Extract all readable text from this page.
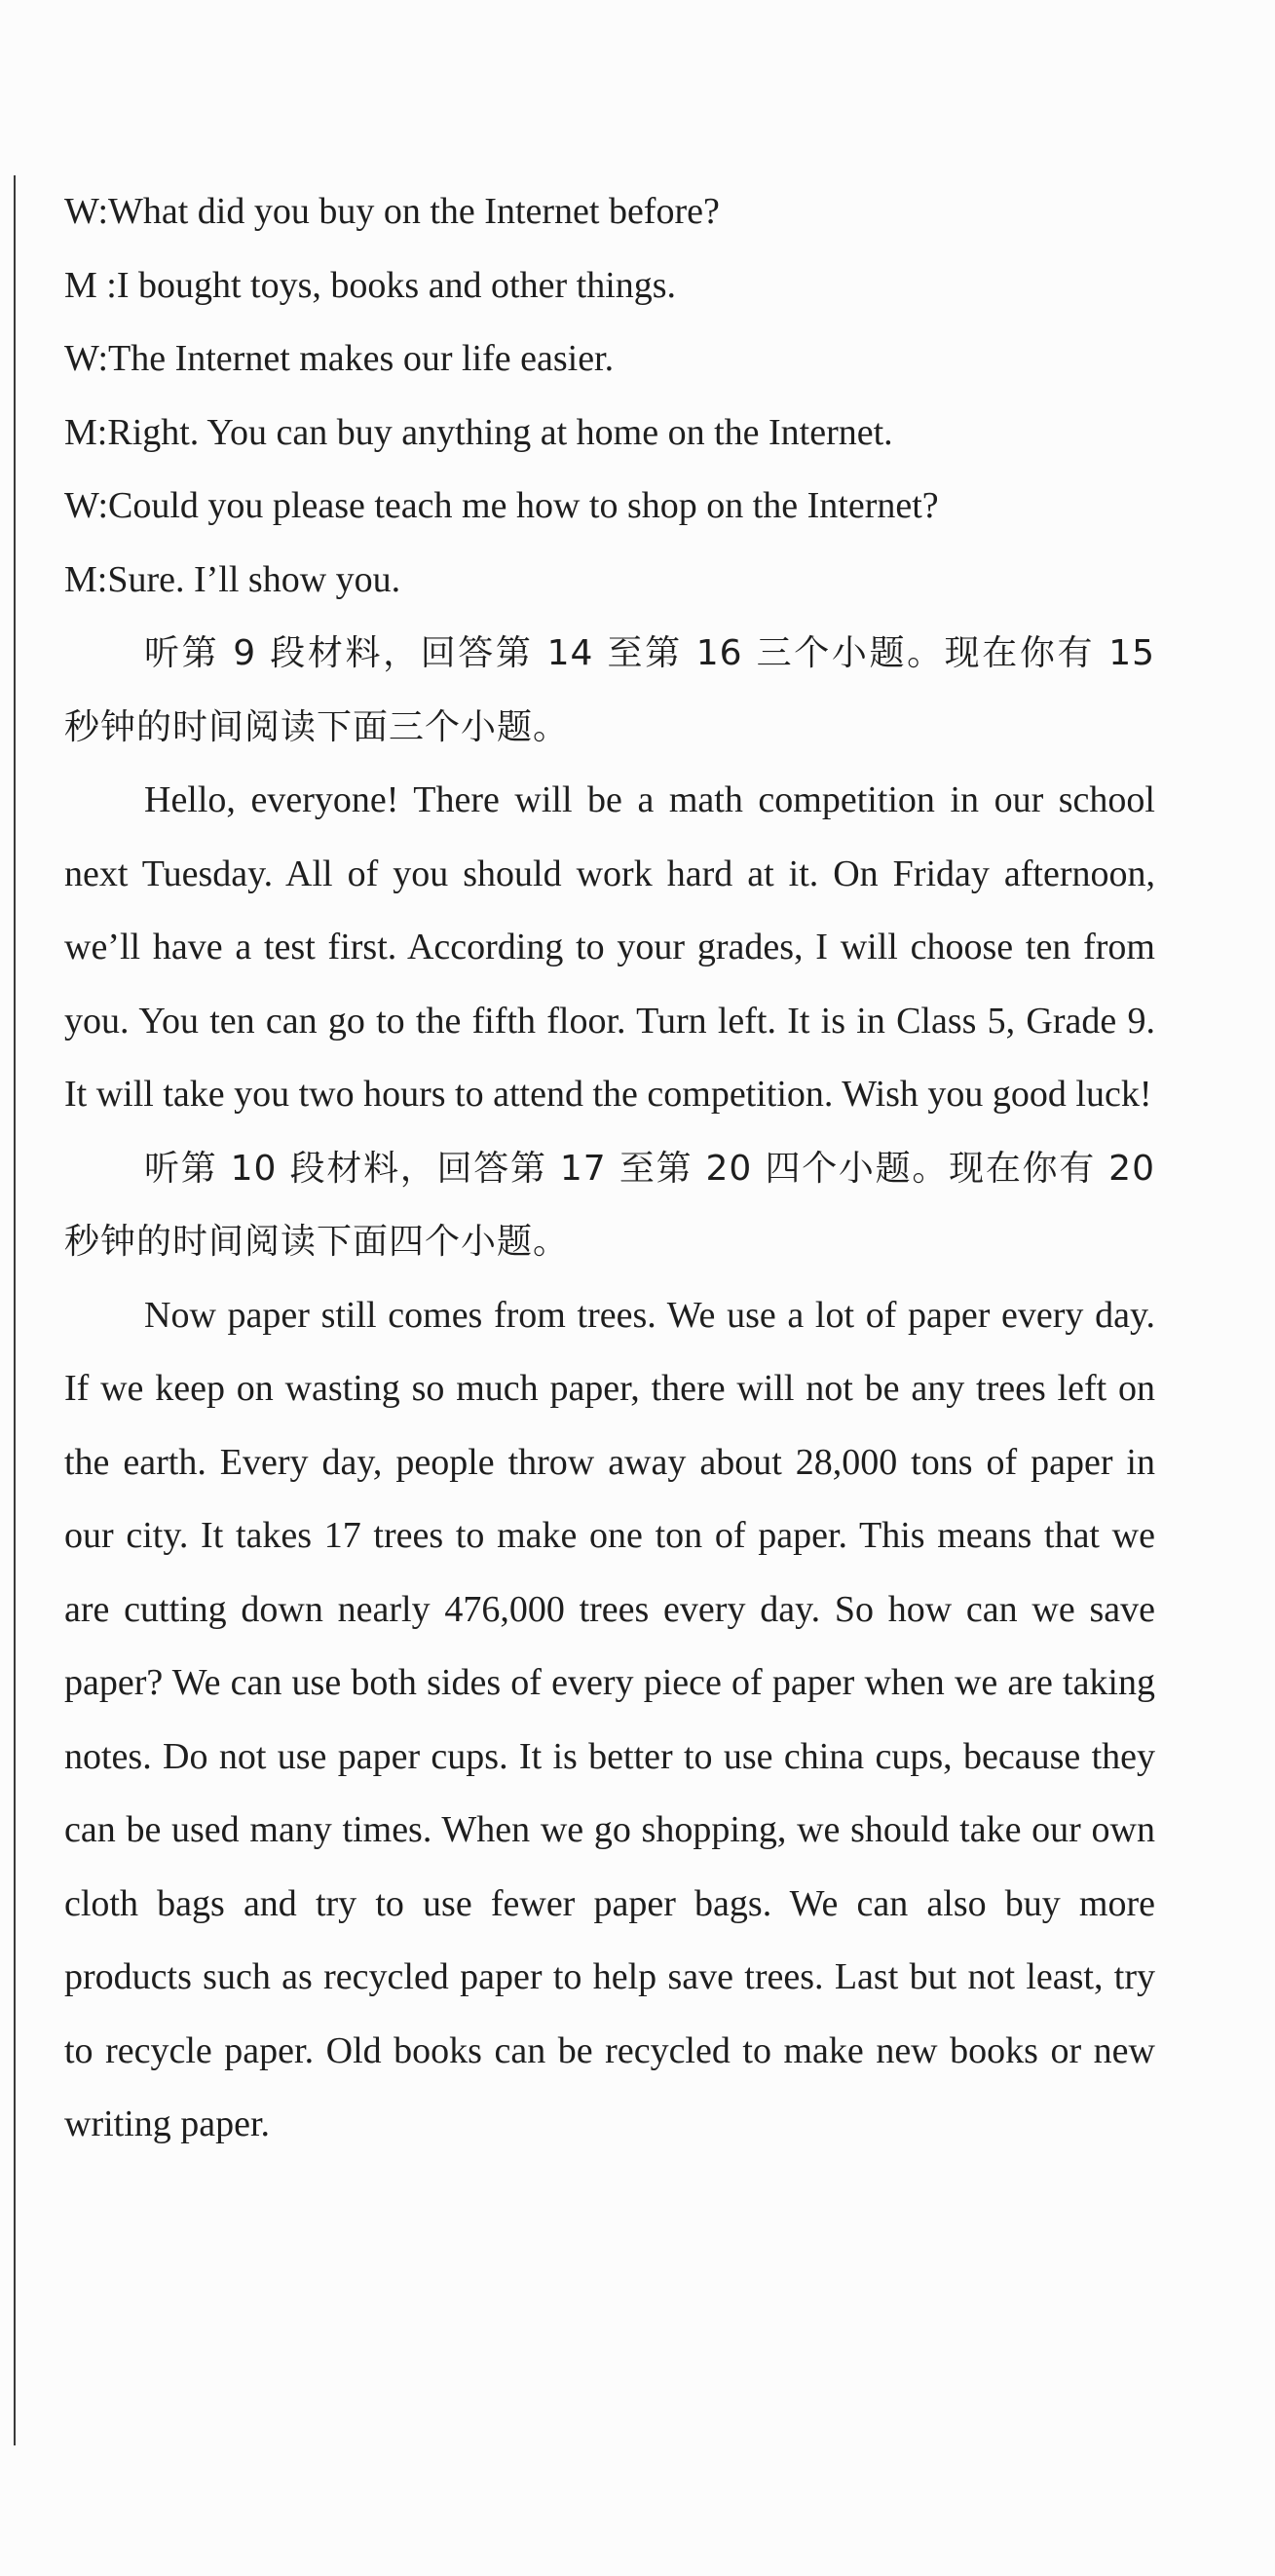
W:What did you buy on the Internet before?
M :I bought toys, books and other things.
W:The Internet makes our life easier.
M:Right. You can buy anything at home on the Internet.
W:Could you please teach me how to shop on the Internet?
M:Sure. I’ll show you.

听第 9 段材料，回答第 14 至第 16 三个小题。现在你有 15 秒钟的时间阅读下面三个小题。

Hello, everyone! There will be a math competition in our school next Tuesday. All of you should work hard at it. On Friday afternoon, we’ll have a test first. According to your grades, I will choose ten from you. You ten can go to the fifth floor. Turn left. It is in Class 5, Grade 9. It will take you two hours to attend the competition. Wish you good luck!

听第 10 段材料，回答第 17 至第 20 四个小题。现在你有 20 秒钟的时间阅读下面四个小题。

Now paper still comes from trees. We use a lot of paper every day. If we keep on wasting so much paper, there will not be any trees left on the earth. Every day, people throw away about 28,000 tons of paper in our city. It takes 17 trees to make one ton of paper. This means that we are cutting down nearly 476,000 trees every day. So how can we save paper? We can use both sides of every piece of paper when we are taking notes. Do not use paper cups. It is better to use china cups, because they can be used many times. When we go shopping, we should take our own cloth bags and try to use fewer paper bags. We can also buy more products such as recycled paper to help save trees. Last but not least, try to recycle paper. Old books can be recycled to make new books or new writing paper.
